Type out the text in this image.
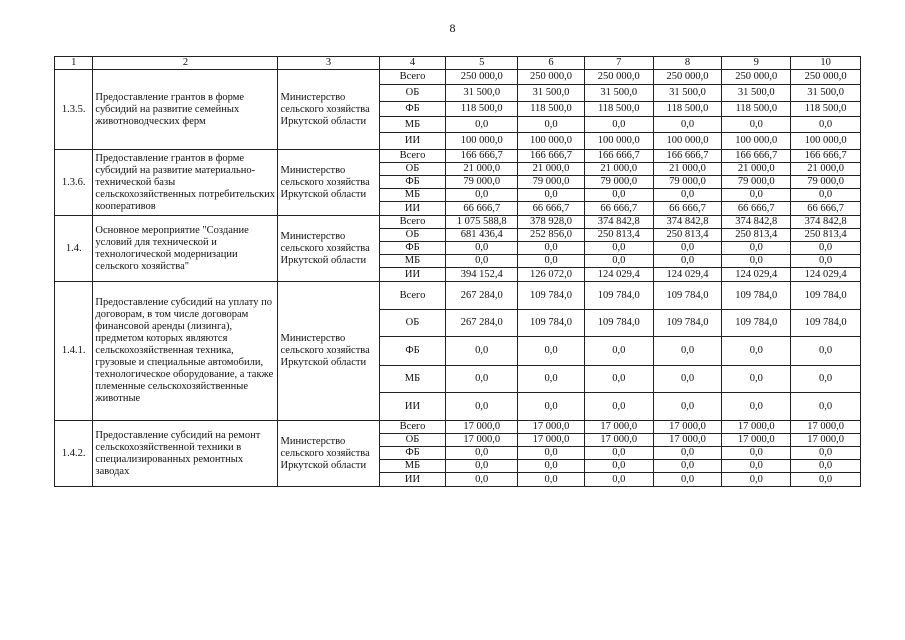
8
1	2	3	4	5	6	7	8	9	10
1.3.5.	Предоставление грантов в форме субсидий на развитие семейных животноводческих ферм	Министерство сельского хозяйства Иркутской области	Всего	250 000,0	250 000,0	250 000,0	250 000,0	250 000,0	250 000,0
			ОБ	31 500,0	31 500,0	31 500,0	31 500,0	31 500,0	31 500,0
			ФБ	118 500,0	118 500,0	118 500,0	118 500,0	118 500,0	118 500,0
			МБ	0,0	0,0	0,0	0,0	0,0	0,0
			ИИ	100 000,0	100 000,0	100 000,0	100 000,0	100 000,0	100 000,0
1.3.6.	Предоставление грантов в форме субсидий на развитие материально-технической базы сельскохозяйственных потребительских кооперативов	Министерство сельского хозяйства Иркутской области	Всего	166 666,7	166 666,7	166 666,7	166 666,7	166 666,7	166 666,7
			ОБ	21 000,0	21 000,0	21 000,0	21 000,0	21 000,0	21 000,0
			ФБ	79 000,0	79 000,0	79 000,0	79 000,0	79 000,0	79 000,0
			МБ	0,0	0,0	0,0	0,0	0,0	0,0
			ИИ	66 666,7	66 666,7	66 666,7	66 666,7	66 666,7	66 666,7
1.4.	Основное мероприятие "Создание условий для технической и технологической модернизации сельского хозяйства"	Министерство сельского хозяйства Иркутской области	Всего	1 075 588,8	378 928,0	374 842,8	374 842,8	374 842,8	374 842,8
			ОБ	681 436,4	252 856,0	250 813,4	250 813,4	250 813,4	250 813,4
			ФБ	0,0	0,0	0,0	0,0	0,0	0,0
			МБ	0,0	0,0	0,0	0,0	0,0	0,0
			ИИ	394 152,4	126 072,0	124 029,4	124 029,4	124 029,4	124 029,4
1.4.1.	Предоставление субсидий на уплату по договорам, в том числе договорам финансовой аренды (лизинга), предметом которых являются сельскохозяйственная техника, грузовые и специальные автомобили, технологическое оборудование, а также племенные сельскохозяйственные животные	Министерство сельского хозяйства Иркутской области	Всего	267 284,0	109 784,0	109 784,0	109 784,0	109 784,0	109 784,0
			ОБ	267 284,0	109 784,0	109 784,0	109 784,0	109 784,0	109 784,0
			ФБ	0,0	0,0	0,0	0,0	0,0	0,0
			МБ	0,0	0,0	0,0	0,0	0,0	0,0
			ИИ	0,0	0,0	0,0	0,0	0,0	0,0
1.4.2.	Предоставление субсидий на ремонт сельскохозяйственной техники в специализированных ремонтных заводах	Министерство сельского хозяйства Иркутской области	Всего	17 000,0	17 000,0	17 000,0	17 000,0	17 000,0	17 000,0
			ОБ	17 000,0	17 000,0	17 000,0	17 000,0	17 000,0	17 000,0
			ФБ	0,0	0,0	0,0	0,0	0,0	0,0
			МБ	0,0	0,0	0,0	0,0	0,0	0,0
			ИИ	0,0	0,0	0,0	0,0	0,0	0,0
